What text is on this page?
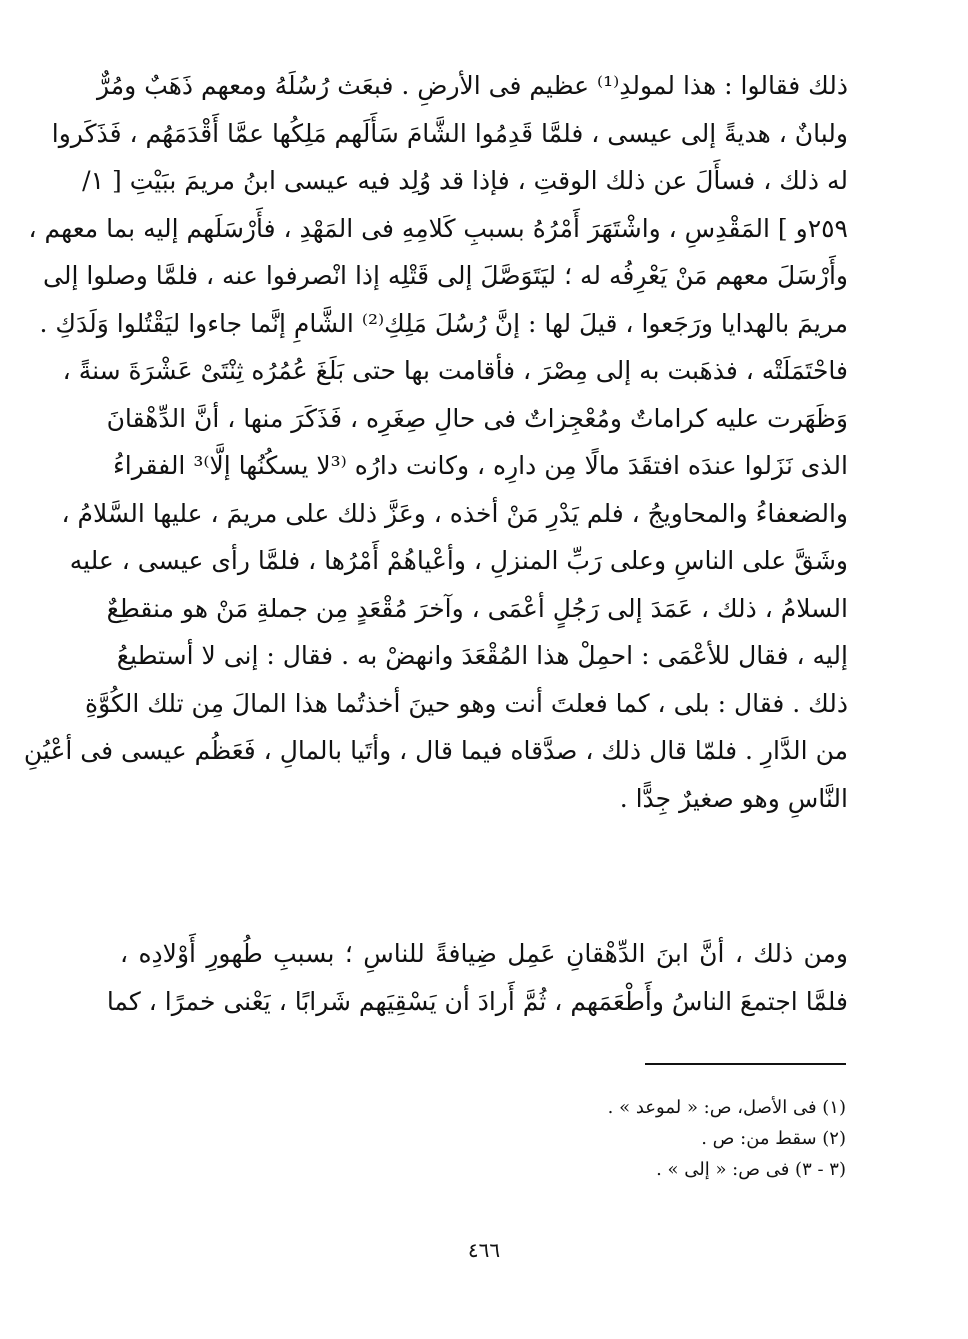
ذلك فقالوا : هذا لمولدِ⁽¹⁾ عظيم فى الأرضِ . فبعَث رُسُلَهُ ومعهم ذَهَبٌ ومُرٌّ
ولبانٌ ، هديةً إلى عيسى ، فلمَّا قَدِمُوا الشَّامَ سَأَلَهم مَلِكُها عمَّا أَقْدَمَهُم ، فَذَكَروا
له ذلك ، فسأَلَ عن ذلك الوقتِ ، فإذا قد وُلِد فيه عيسى ابنُ مريمَ ببَيْتِ [ ١/
٢٥٩و ] المَقْدِسِ ، واشْتَهَرَ أَمْرُهُ بسببِ كَلامِهِ فى المَهْدِ ، فأَرْسَلَهم إليه بما معهم ،
وأَرْسَلَ معهم مَنْ يَعْرِفُه له ؛ ليَتَوَصَّلَ إلى قَتْلِه إذا انْصرفوا عنه ، فلمَّا وصلوا إلى
مريمَ بالهدايا ورَجَعوا ، قيلَ لها : إنَّ رُسُلَ مَلِكِ⁽²⁾ الشَّامِ إنَّما جاءوا ليَقْتُلوا وَلَدَكِ .
فاحْتَمَلَتْه ، فذهَبت به إلى مِصْرَ ، فأقامت بها حتى بَلَغَ عُمُرُه ثِنْتَىْ عَشْرَةَ سنةً ،
وَظَهَرت عليه كراماتٌ ومُعْجِزاتٌ فى حالِ صِغَرِه ، فَذَكَرَ منها ، أنَّ الدِّهْقانَ
الذى نَزَلوا عندَه افتقَدَ مالًا مِن دارِه ، وكانت دارُه ⁽³لا يسكُنُها إلَّا⁾³ الفقراءُ
والضعفاءُ والمحاويجُ ، فلم يَدْرِ مَنْ أخذه ، وعَزَّ ذلك على مريمَ ، عليها السَّلامُ ،
وشَقَّ على الناسِ وعلى رَبِّ المنزلِ ، وأعْياهُمْ أَمْرُها ، فلمَّا رأى عيسى ، عليه
السلامُ ، ذلك ، عَمَدَ إلى رَجُلٍ أعْمَى ، وآخرَ مُقْعَدٍ مِن جملةِ مَنْ هو منقطِعٌ
إليه ، فقال للأعْمَى : احمِلْ هذا المُقْعَدَ وانهضْ به . فقال : إنى لا أستطيعُ
ذلك . فقال : بلى ، كما فعلتَ أنت وهو حينَ أخذتُما هذا المالَ مِن تلك الكُوَّةِ
من الدَّارِ . فلمّا قال ذلك ، صدَّقاه فيما قال ، وأتَيا بالمالِ ، فَعَظُم عيسى فى أعْيُنِ
النَّاسِ وهو صغيرٌ جِدًّا .
ومن ذلك ، أنَّ ابنَ الدِّهْقانِ عَمِل ضِيافةً للناسِ ؛ بسببِ طُهورِ أَوْلادِه ،
فلمَّا اجتمعَ الناسُ وأَطْعَمَهم ، ثُمَّ أَرادَ أن يَسْقِيَهم شَرابًا ، يَعْنى خمرًا ، كما
(١) فى الأصل، ص: « لموعد » .
(٢) سقط من: ص .
(٣ - ٣) فى ص: « إلى » .
٤٦٦
